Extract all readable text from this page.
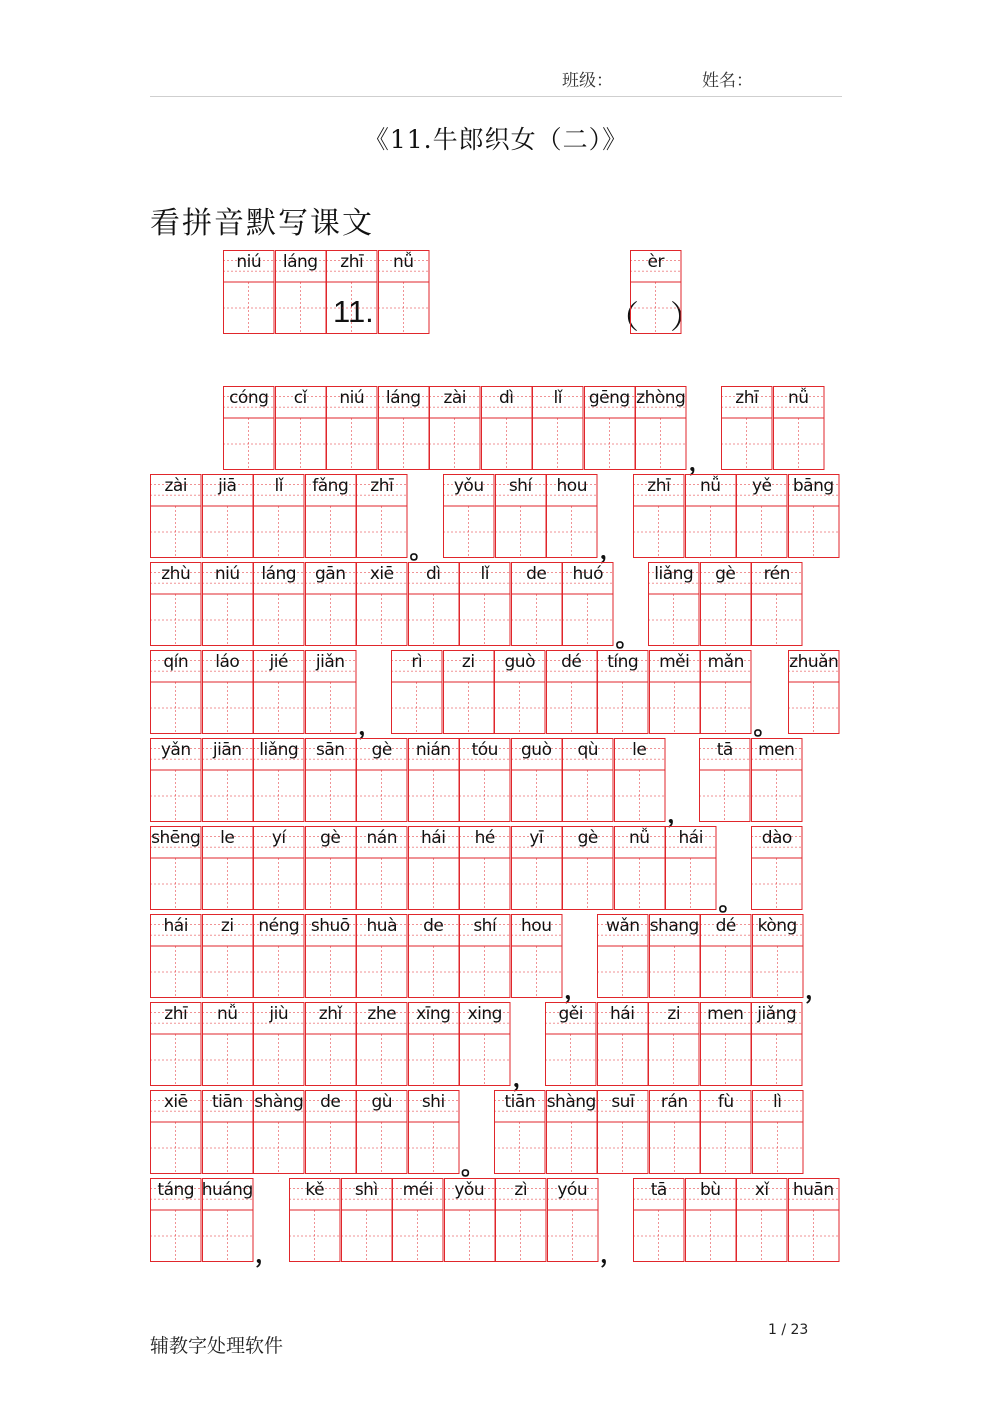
班级：	姓名：
《11.牛郎织女（二）》
看拼音默写课文
11.	（ ）
niú	láng	zhī	nǚ	èr
cóng	cǐ	niú	láng	zài	dì	lǐ	gēng zhòng
，
zhī	nǚ
zài	jiā	lǐ	fǎng	zhī
。
yǒu	shí	hou
，
zhī	nǚ	yě	bāng
zhù	niú	láng	gān	xiē	dì	lǐ	de	huó
。
liǎng	gè	rén
qín	láo	jié	jiǎn
，
rì	zi	guò	dé	tíng	měi	mǎn
。
zhuǎn
yǎn	jiān	liǎng	sān	gè	nián	tóu	guò	qù	le
，
tā	men
shēng	le	yí	gè	nán	hái	hé	yī	gè	nǚ	hái
。
dào
hái	zi	néng shuō huà	de	shí	hou
，
wǎn shang dé	kòng
，
zhī	nǚ	jiù	zhǐ	zhe	xīng	xing
，
gěi	hái	zi	men jiǎng
xiē	tiān shàng de	gù	shi
。
tiān shàng suī	rán	fù	lì
táng huáng
，
kě	shì	méi	yǒu	zì	yóu
，
tā	bù	xǐ	huān
辅教字处理软件
1 / 23
